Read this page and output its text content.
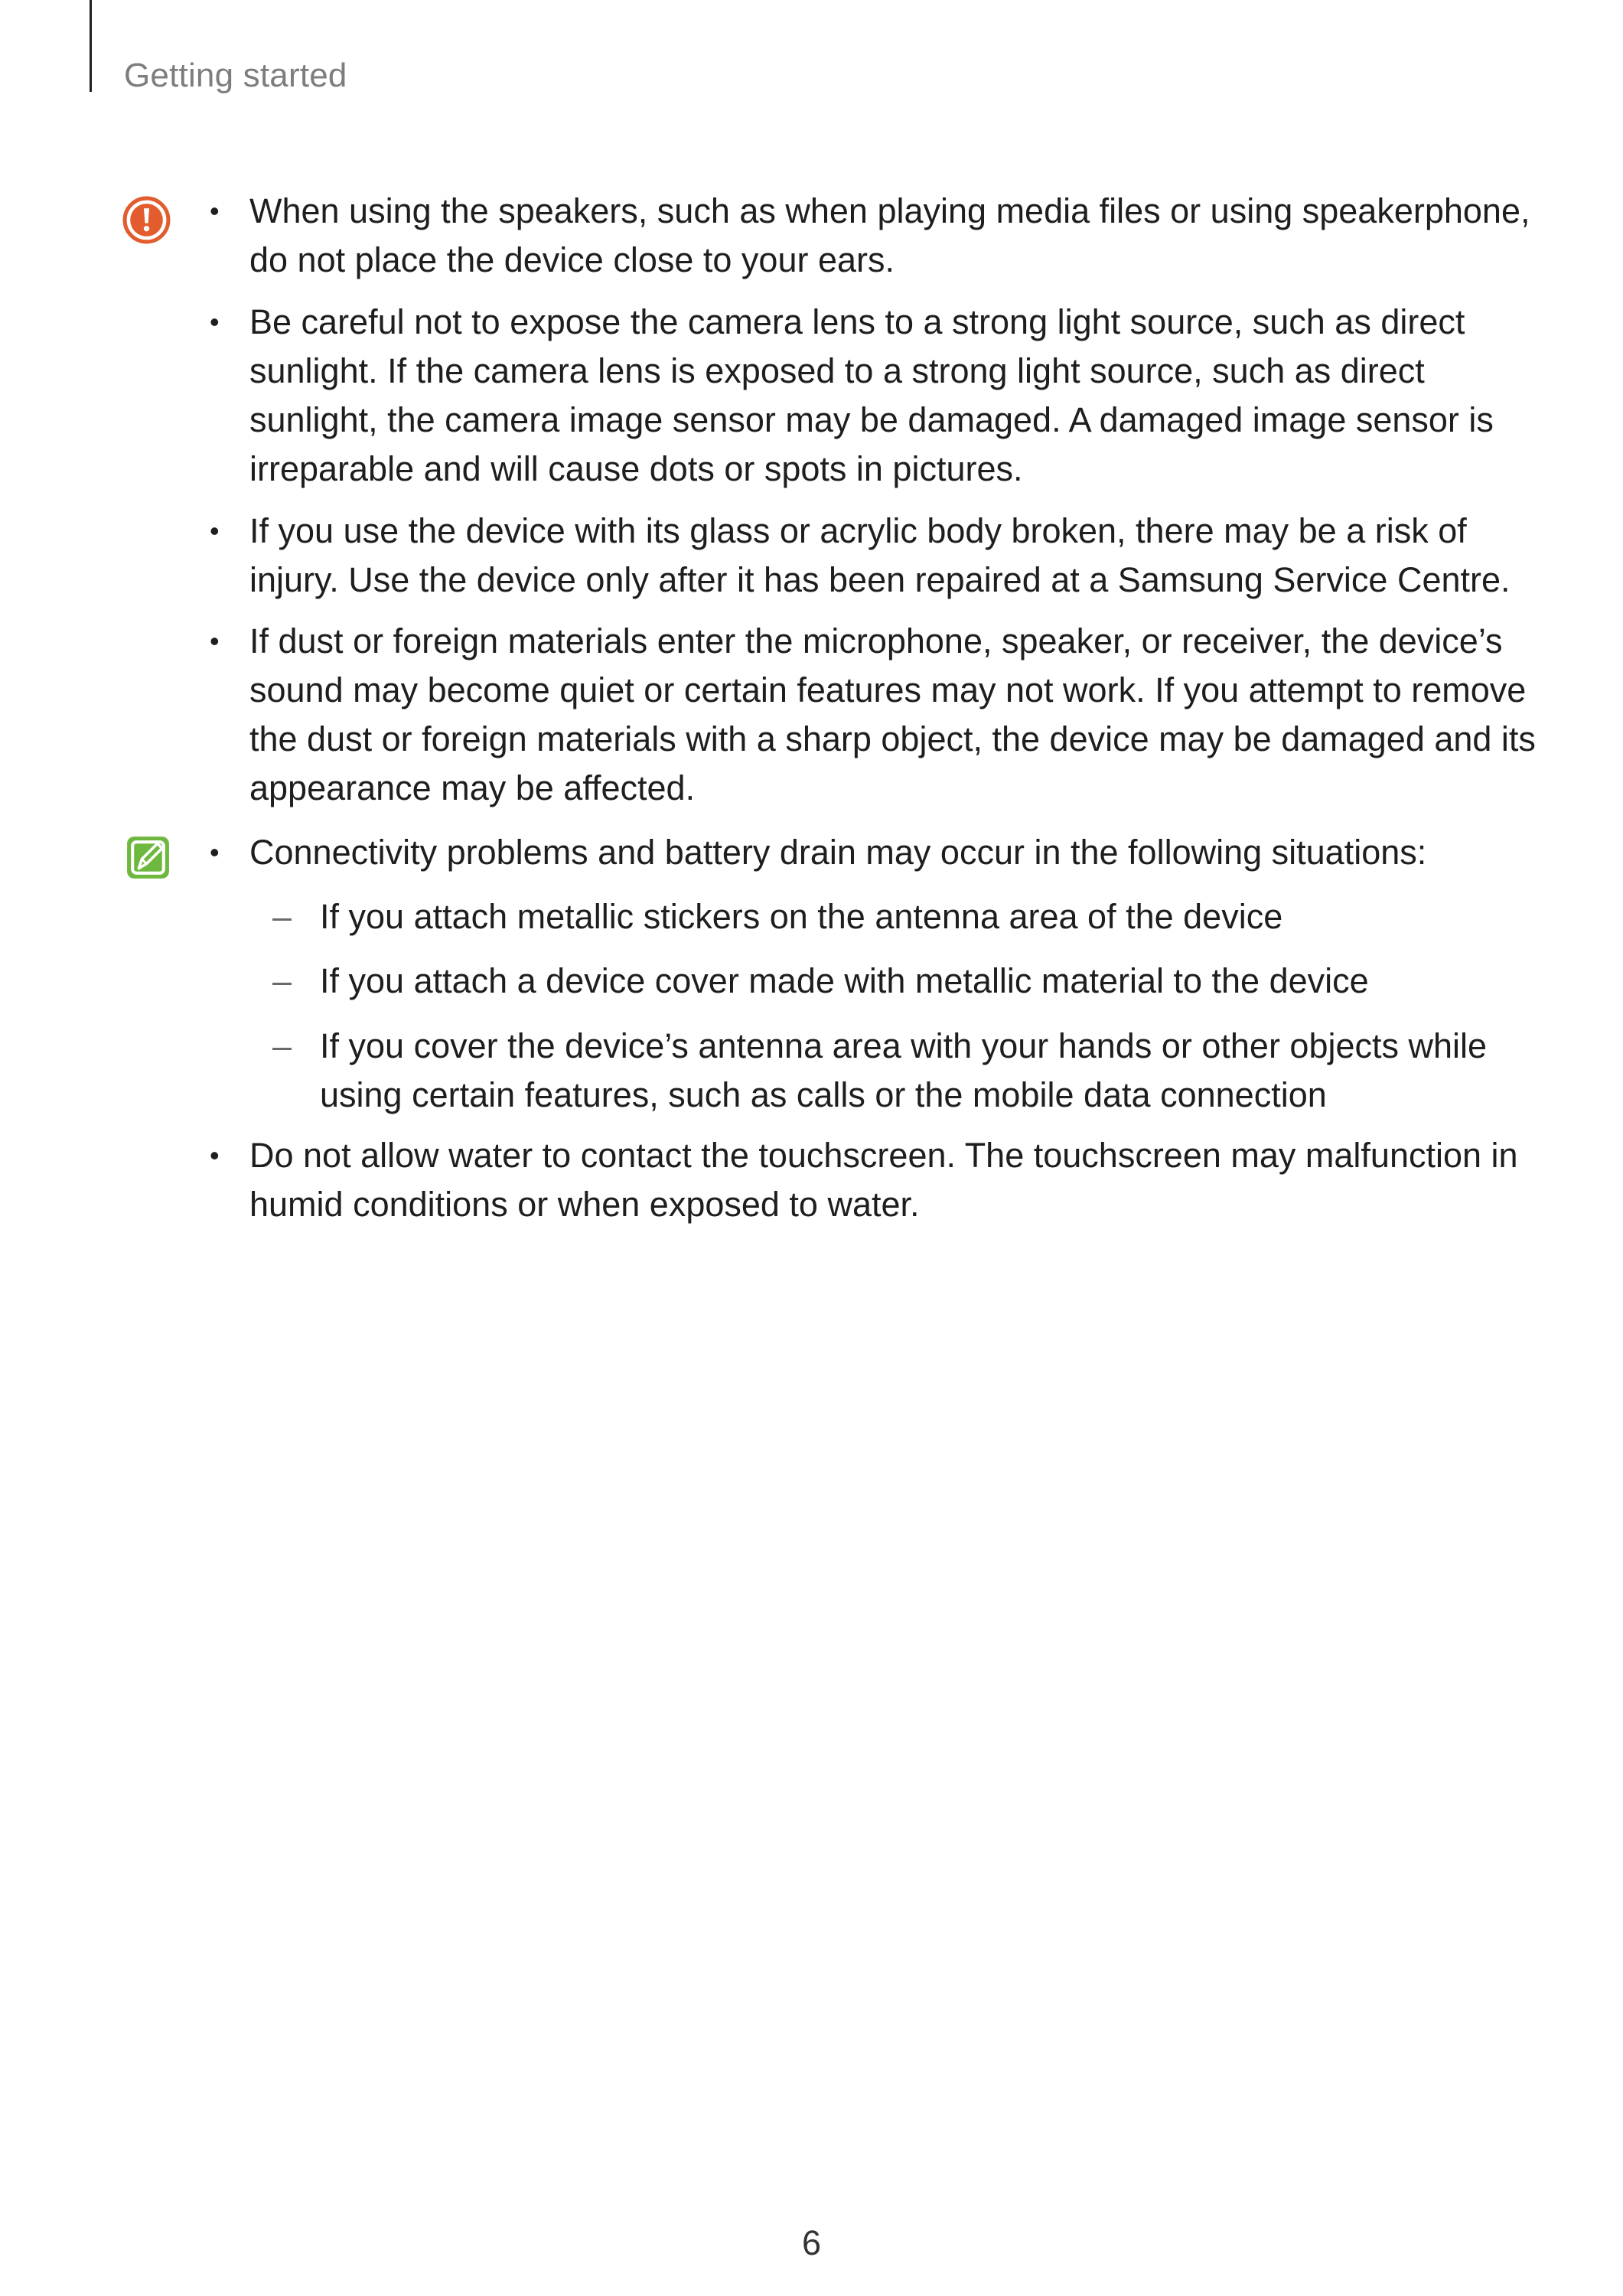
Getting started
• When using the speakers, such as when playing media files or using speakerphone, do not place the device close to your ears.
• Be careful not to expose the camera lens to a strong light source, such as direct sunlight. If the camera lens is exposed to a strong light source, such as direct sunlight, the camera image sensor may be damaged. A damaged image sensor is irreparable and will cause dots or spots in pictures.
• If you use the device with its glass or acrylic body broken, there may be a risk of injury. Use the device only after it has been repaired at a Samsung Service Centre.
• If dust or foreign materials enter the microphone, speaker, or receiver, the device’s sound may become quiet or certain features may not work. If you attempt to remove the dust or foreign materials with a sharp object, the device may be damaged and its appearance may be affected.
• Connectivity problems and battery drain may occur in the following situations:
– If you attach metallic stickers on the antenna area of the device
– If you attach a device cover made with metallic material to the device
– If you cover the device’s antenna area with your hands or other objects while using certain features, such as calls or the mobile data connection
• Do not allow water to contact the touchscreen. The touchscreen may malfunction in humid conditions or when exposed to water.
6
